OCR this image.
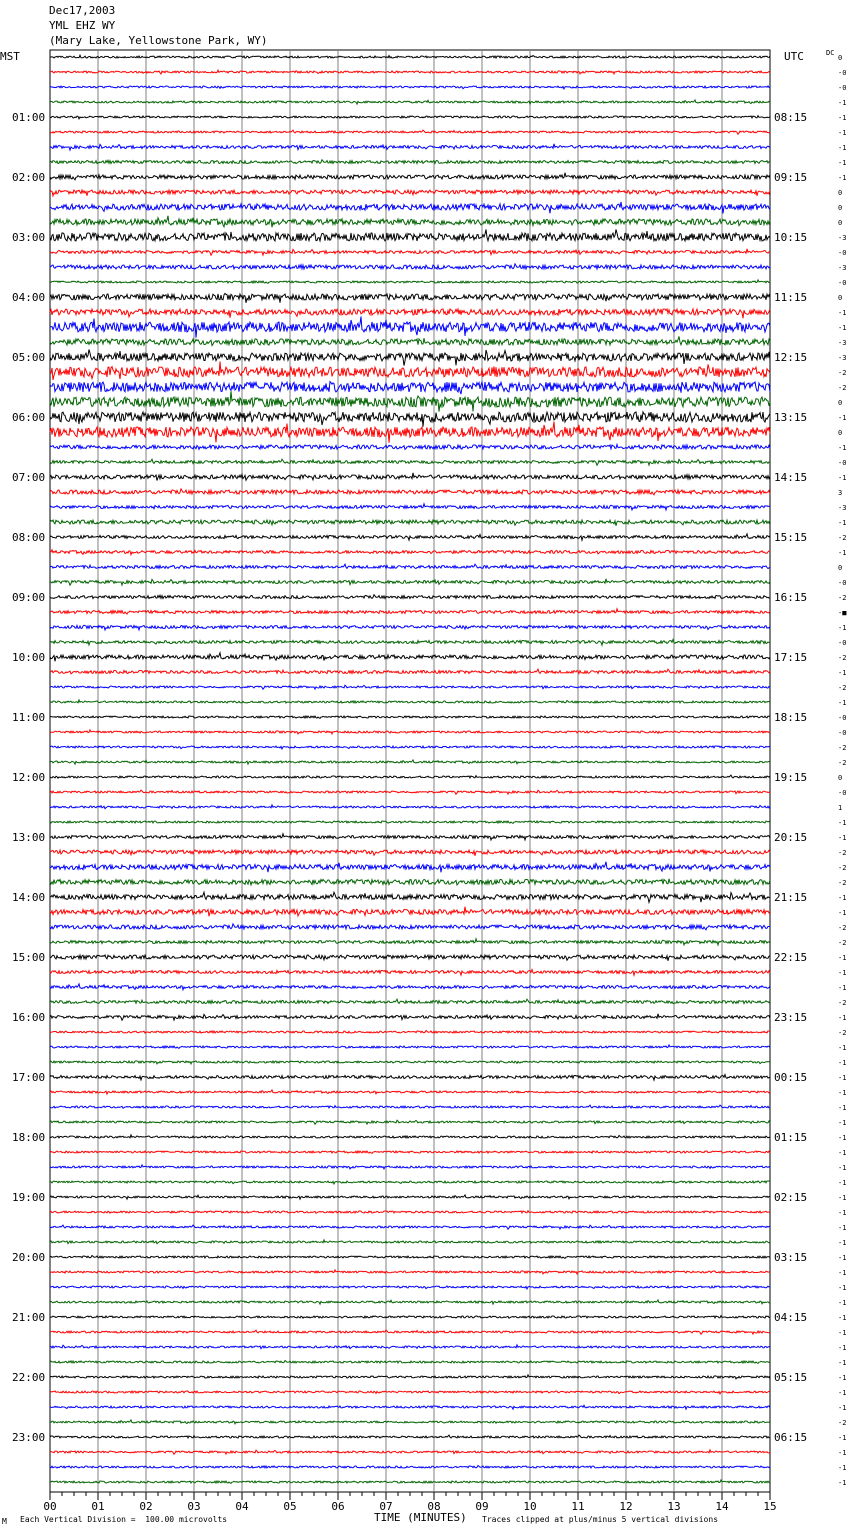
Dec17,2003
YML EHZ WY
(Mary Lake, Yellowstone Park, WY)
MST	UTC	DC
00	01	02	03	04	05	06	07	08	09	10	11	12	13	14	15
0
-0
-0
-1
-1
-1
-1
-1
-1
0
0
0
-3
-0
-3
-0
0
-1
-1
-3
-3
-2
-2
0
-1
0
-1
-0
-1
3
-3
-1
-2
-1
0
-0
-2
-■
-1
-0
-2
-1
-2
-1
-0
-0
-2
-2
0
-0
1
-1
-1
-2
-2
-2
-1
-1
-2
-2
-1
-1
-1
-2
-1
-2
-1
-1
-1
-1
-1
-1
-1
-1
-1
-1
-1
-1
-1
-1
-1
-1
-1
-1
-1
-1
-1
-1
-1
-1
-1
-2
-1
-1
-1
-1
01:00
02:00
03:00
04:00
05:00
06:00
07:00
08:00
09:00
10:00
11:00
12:00
13:00
14:00
15:00
16:00
17:00
18:00
19:00
20:00
21:00
22:00
23:00
08:15
09:15
10:15
11:15
12:15
13:15
14:15
15:15
16:15
17:15
18:15
19:15
20:15
21:15
22:15
23:15
00:15
01:15
02:15
03:15
04:15
05:15
06:15
M Each Vertical Division =  100.00 microvolts	TIME (MINUTES) Traces clipped at plus/minus 5 vertical divisions
